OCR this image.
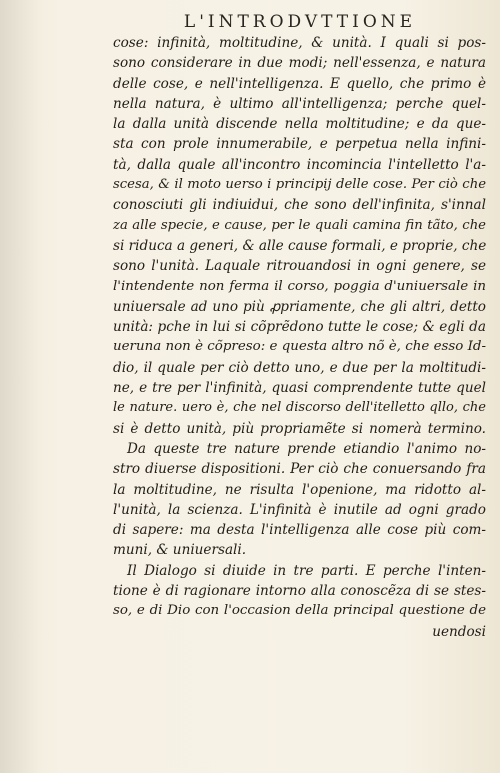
L'INTRODVTTIONE
cose: infinità, moltitudine, & unità. I quali si pos-
sono considerare in due modi; nell'essenza, e natura
delle cose, e nell'intelligenza. E quello, che primo è
nella natura, è ultimo all'intelligenza; perche quel-
la dalla unità discende nella moltitudine; e da que-
sta con prole innumerabile, e perpetua nella infini-
tà, dalla quale all'incontro incomincia l'intelletto l'a-
scesa, & il moto uerso i principij delle cose. Per ciò che
conosciuti gli indiuidui, che sono dell'infinita, s'innal
za alle specie, e cause, per le quali camina fin tãto, che
si riduca a generi, & alle cause formali, e proprie, che
sono l'unità. Laquale ritrouandosi in ogni genere, se
l'intendente non ferma il corso, poggia d'uniuersale in
uniuersale ad uno più ꝓpriamente, che gli altri, detto
unità: pche in lui si cõprẽdono tutte le cose; & egli da
ueruna non è cõpreso: e questa altro nõ è, che esso Id-
dio, il quale per ciò detto uno, e due per la moltitudi-
ne, e tre per l'infinità, quasi comprendente tutte quel
le nature. uero è, che nel discorso dell'itelletto qllo, che
si è detto unità, più propriamẽte si nomerà termino.
Da queste tre nature prende etiandio l'animo no-
stro diuerse dispositioni. Per ciò che conuersando fra
la moltitudine, ne risulta l'openione, ma ridotto al-
l'unità, la scienza. L'infinità è inutile ad ogni grado
di sapere: ma desta l'intelligenza alle cose più com-
muni, & uniuersali.
Il Dialogo si diuide in tre parti. E perche l'inten-
tione è di ragionare intorno alla conoscẽza di se stes-
so, e di Dio con l'occasion della principal questione de
uendosi
